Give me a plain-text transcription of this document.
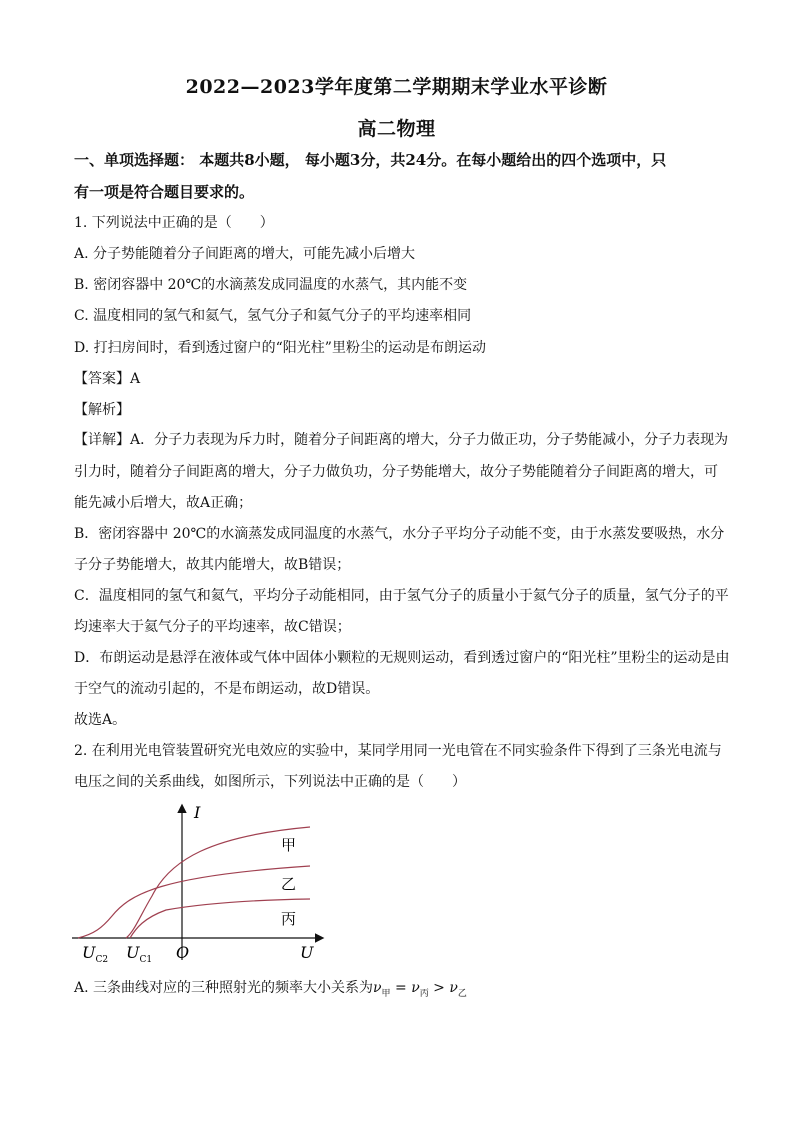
2022—2023学年度第二学期期末学业水平诊断
高二物理
一、单项选择题： 本题共8小题， 每小题3分，共24分。在每小题给出的四个选项中，只
有一项是符合题目要求的。
1. 下列说法中正确的是（　　）
A. 分子势能随着分子间距离的增大，可能先减小后增大
B. 密闭容器中 20℃的水滴蒸发成同温度的水蒸气，其内能不变
C. 温度相同的氢气和氦气，氢气分子和氦气分子的平均速率相同
D. 打扫房间时，看到透过窗户的“阳光柱”里粉尘的运动是布朗运动
【答案】A
【解析】
【详解】A．分子力表现为斥力时，随着分子间距离的增大，分子力做正功，分子势能减小，分子力表现为
引力时，随着分子间距离的增大，分子力做负功，分子势能增大，故分子势能随着分子间距离的增大，可
能先减小后增大，故A正确；
B．密闭容器中 20℃的水滴蒸发成同温度的水蒸气，水分子平均分子动能不变，由于水蒸发要吸热，水分
子分子势能增大，故其内能增大，故B错误；
C．温度相同的氢气和氦气，平均分子动能相同，由于氢气分子的质量小于氦气分子的质量，氢气分子的平
均速率大于氦气分子的平均速率，故C错误；
D．布朗运动是悬浮在液体或气体中固体小颗粒的无规则运动，看到透过窗户的“阳光柱”里粉尘的运动是由
于空气的流动引起的，不是布朗运动，故D错误。
故选A。
2. 在利用光电管装置研究光电效应的实验中，某同学用同一光电管在不同实验条件下得到了三条光电流与
电压之间的关系曲线，如图所示，下列说法中正确的是（　　）
I
U
O
甲
乙
丙
$U_{C2}$ $U_{C1}$
A. 三条曲线对应的三种照射光的频率大小关系为$\nu_甲 = \nu_丙 > \nu_乙$
